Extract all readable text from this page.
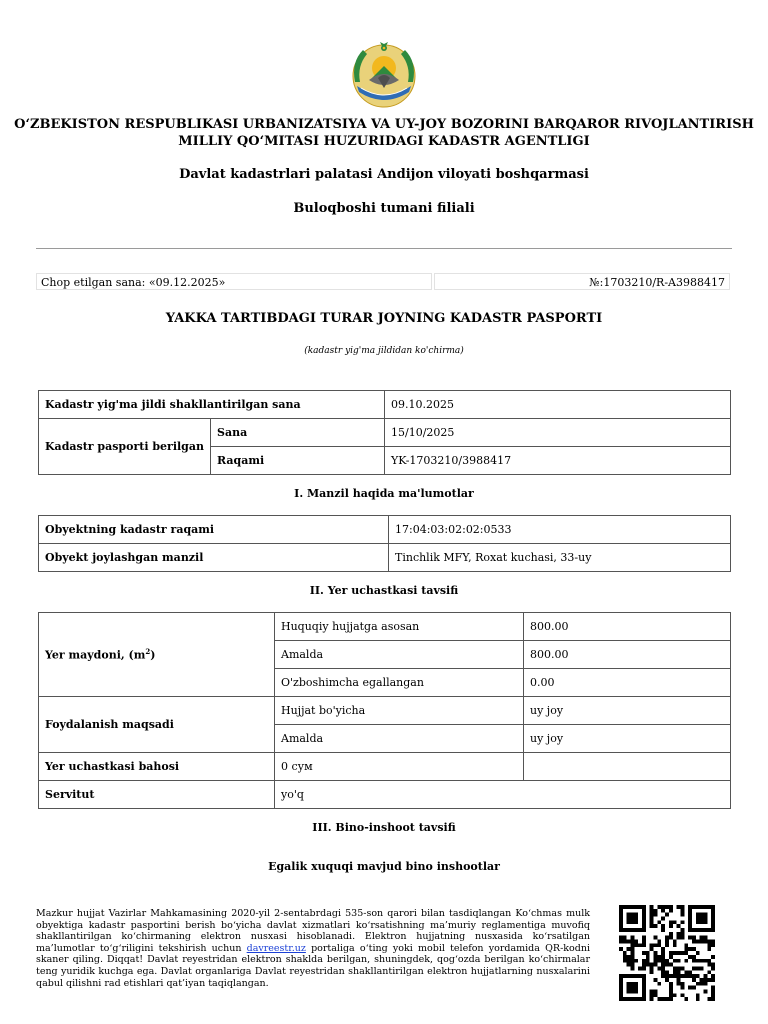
O‘ZBEKISTON RESPUBLIKASI URBANIZATSIYA VA UY-JOY BOZORINI BARQAROR RIVOJLANTIRISH
MILLIY QO‘MITASI HUZURIDAGI KADASTR AGENTLIGI
Davlat kadastrlari palatasi Andijon viloyati boshqarmasi
Buloqboshi tumani filiali
Chop etilgan sana: «09.12.2025»	№:1703210/R-A3988417
YAKKA TARTIBDAGI TURAR JOYNING KADASTR PASPORTI
(kadastr yig'ma jildidan ko'chirma)
Kadastr yig'ma jildi shakllantirilgan sana		09.10.2025
Kadastr pasporti berilgan	Sana	15/10/2025
	Raqami	YK-1703210/3988417
I. Manzil haqida ma'lumotlar
Obyektning kadastr raqami	17:04:03:02:02:0533
Obyekt joylashgan manzil	Tinchlik MFY, Roxat kuchasi, 33-uy
II. Yer uchastkasi tavsifi
Yer maydoni, $(m^2)$	Huquqiy hujjatga asosan	800.00
	Amalda	800.00
	O'zboshimcha egallangan	0.00
Foydalanish maqsadi	Hujjat bo'yicha	uy joy
	Amalda	uy joy
Yer uchastkasi bahosi	0 сум	
Servitut	yo'q	
III. Bino-inshoot tavsifi
Egalik xuquqi mavjud bino inshootlar
Mazkur hujjat Vazirlar Mahkamasining 2020-yil 2-sentabrdagi 535-son qarori bilan tasdiqlangan Ko‘chmas mulk obyektiga kadastr pasportini berish bo‘yicha davlat xizmatlari ko‘rsatishning ma’muriy reglamentiga muvofiq shakllantirilgan ko‘chirmaning elektron nusxasi hisoblanadi. Elektron hujjatning nusxasida ko‘rsatilgan ma’lumotlar to‘g‘riligini tekshirish uchun davreestr.uz portaliga o‘ting yoki mobil telefon yordamida QR-kodni skaner qiling. Diqqat! Davlat reyestridan elektron shaklda berilgan, shuningdek, qog‘ozda berilgan ko‘chirmalar teng yuridik kuchga ega. Davlat organlariga Davlat reyestridan shakllantirilgan elektron hujjatlarning nusxalarini qabul qilishni rad etishlari qat’iyan taqiqlangan.
